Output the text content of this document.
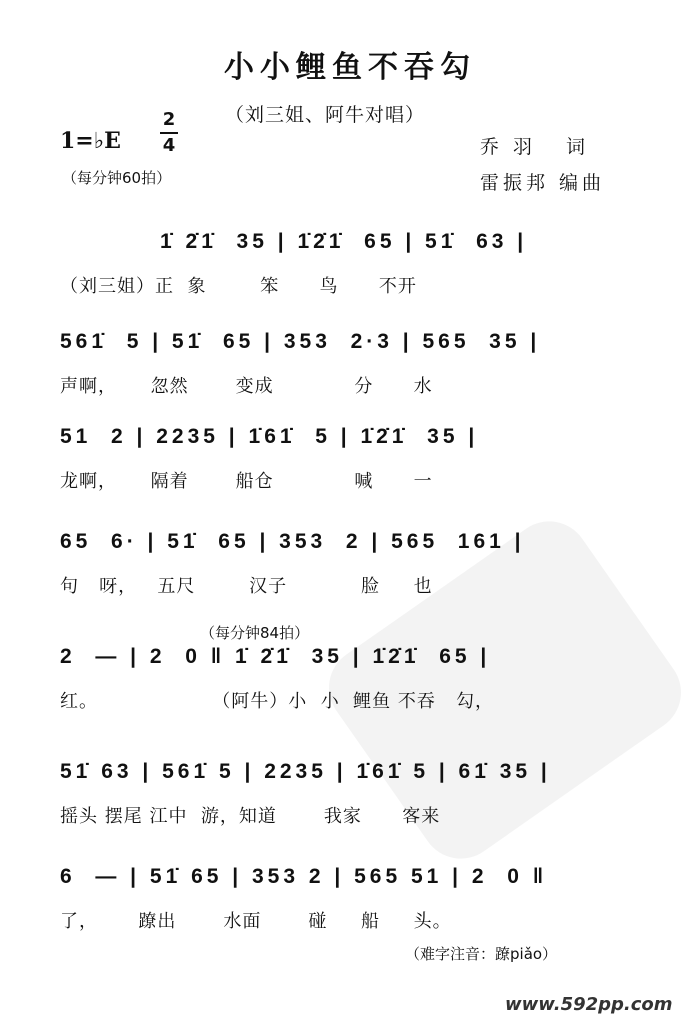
小小鲤鱼不吞勾
（刘三姐、阿牛对唱）
1=♭E
2
4
（每分钟60拍）
乔羽 词
雷振邦 编曲
1̇ 2̇1̇  35 | 1̇2̇1̇  65 | 51̇  63 |
（刘三姐）正  象        笨      鸟      不开
561̇  5 | 51̇  65 | 353  2·3 | 565  35 |
声啊，     忽然       变成            分      水
51  2 | 2235 | 1̇61̇  5 | 1̇2̇1̇  35 |
龙啊，     隔着       船仓            喊      一
65  6· | 51̇  65 | 353  2 | 565  161 |
句   呀，   五尺        汉子           脸     也
（每分钟84拍）
2  — | 2  0 ‖ 1̇ 2̇1̇  35 | 1̇2̇1̇  65 |
红。                 （阿牛）小  小  鲤鱼 不吞   勾，
51̇ 63 | 561̇ 5 | 2235 | 1̇61̇ 5 | 61̇ 35 |
摇头 摆尾 江中  游，知道       我家      客来
6  — | 51̇ 65 | 353 2 | 565 51 | 2  0 ‖
了，      蹽出       水面       碰     船     头。
（难字注音：蹽piǎo）
www.592pp.com
